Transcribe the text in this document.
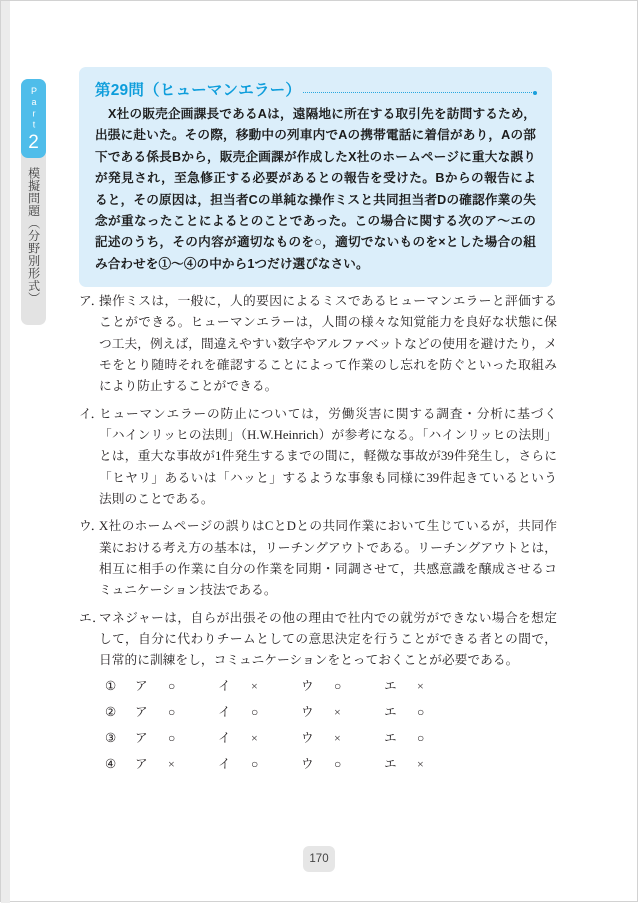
Part
2
模擬問題（分野別形式）
第29問（ヒューマンエラー）
X社の販売企画課長であるAは，遠隔地に所在する取引先を訪問するため，出張に赴いた。その際，移動中の列車内でAの携帯電話に着信があり，Aの部下である係長Bから，販売企画課が作成したX社のホームページに重大な誤りが発見され，至急修正する必要があるとの報告を受けた。Bからの報告によると，その原因は，担当者Cの単純な操作ミスと共同担当者Dの確認作業の失念が重なったことによるとのことであった。この場合に関する次のア～エの記述のうち，その内容が適切なものを○，適切でないものを×とした場合の組み合わせを①～④の中から1つだけ選びなさい。
ア．
操作ミスは，一般に，人的要因によるミスであるヒューマンエラーと評価することができる。ヒューマンエラーは，人間の様々な知覚能力を良好な状態に保つ工夫，例えば，間違えやすい数字やアルファベットなどの使用を避けたり，メモをとり随時それを確認することによって作業のし忘れを防ぐといった取組みにより防止することができる。
イ．
ヒューマンエラーの防止については，労働災害に関する調査・分析に基づく「ハインリッヒの法則」（H.W.Heinrich）が参考になる。「ハインリッヒの法則」とは，重大な事故が1件発生するまでの間に，軽微な事故が39件発生し，さらに「ヒヤリ」あるいは「ハッと」するような事象も同様に39件起きているという法則のことである。
ウ．
X社のホームページの誤りはCとDとの共同作業において生じているが，共同作業における考え方の基本は，リーチングアウトである。リーチングアウトとは，相互に相手の作業に自分の作業を同期・同調させて，共感意識を醸成させるコミュニケーション技法である。
エ．
マネジャーは，自らが出張その他の理由で社内での就労ができない場合を想定して，自分に代わりチームとしての意思決定を行うことができる者との間で，日常的に訓練をし，コミュニケーションをとっておくことが必要である。
①	ア	○	イ	×	ウ	○	エ	×
②	ア	○	イ	○	ウ	×	エ	○
③	ア	○	イ	×	ウ	×	エ	○
④	ア	×	イ	○	ウ	○	エ	×
170
